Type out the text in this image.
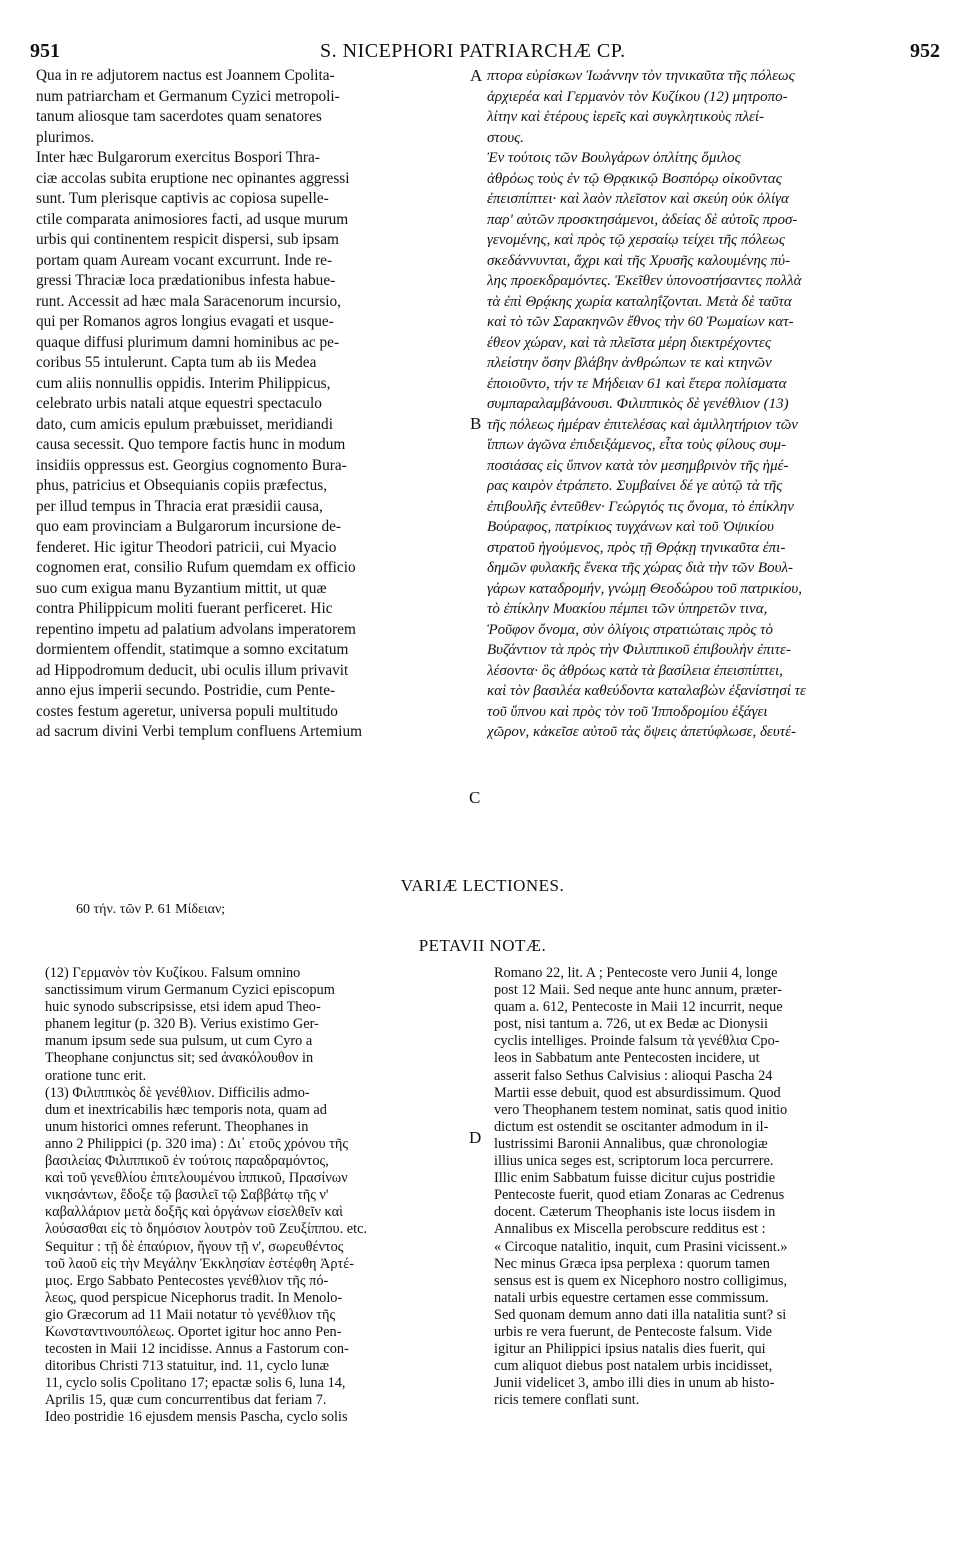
951	S. NICEPHORI PATRIARCHÆ CP.	952
Qua in re adjutorem nactus est Joannem Cpolita-
num patriarcham et Germanum Cyzici metropoli-
tanum aliosque tam sacerdotes quam senatores
plurimos.
Inter hæc Bulgarorum exercitus Bospori Thra-
ciæ accolas subita eruptione nec opinantes aggressi
sunt. Tum plerisque captivis ac copiosa supelle-
ctile comparata animosiores facti, ad usque murum
urbis qui continentem respicit dispersi, sub ipsam
portam quam Auream vocant excurrunt. Inde re-
gressi Thraciæ loca prædationibus infesta habue-
runt. Accessit ad hæc mala Saracenorum incursio,
qui per Romanos agros longius evagati et usque-
quaque diffusi plurimum damni hominibus ac pe-
coribus 55 intulerunt. Capta tum ab iis Medea
cum aliis nonnullis oppidis. Interim Philippicus,
celebrato urbis natali atque equestri spectaculo
dato, cum amicis epulum præbuisset, meridiandi
causa secessit. Quo tempore factis hunc in modum
insidiis oppressus est. Georgius cognomento Bura-
phus, patricius et Obsequianis copiis præfectus,
per illud tempus in Thracia erat præsidii causa,
quo eam provinciam a Bulgarorum incursione de-
fenderet. Hic igitur Theodori patricii, cui Myacio
cognomen erat, consilio Rufum quemdam ex officio
suo cum exigua manu Byzantium mittit, ut quæ
contra Philippicum moliti fuerant perficeret. Hic
repentino impetu ad palatium advolans imperatorem
dormientem offendit, statimque a somno excitatum
ad Hippodromum deducit, ubi oculis illum privavit
anno ejus imperii secundo. Postridie, cum Pente-
costes festum ageretur, universa populi multitudo
ad sacrum divini Verbi templum confluens Artemium
πτορα εὑρίσκων Ἰωάννην τὸν τηνικαῦτα τῆς πόλεως
ἀρχιερέα καὶ Γερμανὸν τὸν Κυζίκου (12) μητροπο-
λίτην καὶ ἑτέρους ἱερεῖς καὶ συγκλητικοὺς πλεί-
στους.
Ἐν τούτοις τῶν Βουλγάρων ὁπλίτης ὅμιλος
ἀθρόως τοὺς ἐν τῷ Θρᾳκικῷ Βοσπόρῳ οἰκοῦντας
ἐπεισπίπτει· καὶ λαὸν πλεῖστον καὶ σκεύη οὐκ ὀλίγα
παρ' αὐτῶν προσκτησάμενοι, ἀδείας δὲ αὐτοῖς προσ-
γενομένης, καὶ πρὸς τῷ χερσαίῳ τείχει τῆς πόλεως
σκεδάννυνται, ἄχρι καὶ τῆς Χρυσῆς καλουμένης πύ-
λης προεκδραμόντες. Ἐκεῖθεν ὑπονοστήσαντες πολλὰ
τὰ ἐπὶ Θρᾴκης χωρία καταληΐζονται. Μετὰ δὲ ταῦτα
καὶ τὸ τῶν Σαρακηνῶν ἔθνος τὴν 60 Ῥωμαίων κατ-
έθεον χώραν, καὶ τὰ πλεῖστα μέρη διεκτρέχοντες
πλείστην ὅσην βλάβην ἀνθρώπων τε καὶ κτηνῶν
ἐποιοῦντο, τήν τε Μήδειαν 61 καὶ ἕτερα πολίσματα
συμπαραλαμβάνουσι. Φιλιππικὸς δὲ γενέθλιον (13)
τῆς πόλεως ἡμέραν ἐπιτελέσας καὶ ἁμιλλητήριον τῶν
ἵππων ἀγῶνα ἐπιδειξάμενος, εἶτα τοὺς φίλους συμ-
ποσιάσας εἰς ὕπνον κατὰ τὸν μεσημβρινὸν τῆς ἡμέ-
ρας καιρὸν ἐτράπετο. Συμβαίνει δέ γε αὐτῷ τὰ τῆς
ἐπιβουλῆς ἐντεῦθεν· Γεώργιός τις ὄνομα, τὸ ἐπίκλην
Βούραφος, πατρίκιος τυγχάνων καὶ τοῦ Ὀψικίου
στρατοῦ ἡγούμενος, πρὸς τῇ Θρᾴκῃ τηνικαῦτα ἐπι-
δημῶν φυλακῆς ἕνεκα τῆς χώρας διὰ τὴν τῶν Βουλ-
γάρων καταδρομήν, γνώμῃ Θεοδώρου τοῦ πατρικίου,
τὸ ἐπίκλην Μυακίου πέμπει τῶν ὑπηρετῶν τινα,
Ῥοῦφον ὄνομα, σὺν ὀλίγοις στρατιώταις πρὸς τὸ
Βυζάντιον τὰ πρὸς τὴν Φιλιππικοῦ ἐπιβουλὴν ἐπιτε-
λέσοντα· ὃς ἀθρόως κατὰ τὰ βασίλεια ἐπεισπίπτει,
καὶ τὸν βασιλέα καθεύδοντα καταλαβὼν ἐξανίστησί τε
τοῦ ὕπνου καὶ πρὸς τὸν τοῦ Ἱπποδρομίου ἐξάγει
χῶρον, κἀκεῖσε αὐτοῦ τὰς ὄψεις ἀπετύφλωσε, δευτέ-
A
B
C
D
VARIÆ LECTIONES.
60 τήν. τῶν P. 61 Μίδειαν;
PETAVII NOTÆ.
(12) Γερμανὸν τὸν Κυζίκου. Falsum omnino
sanctissimum virum Germanum Cyzici episcopum
huic synodo subscripsisse, etsi idem apud Theo-
phanem legitur (p. 320 B). Verius existimo Ger-
manum ipsum sede sua pulsum, ut cum Cyro a
Theophane conjunctus sit; sed ἀνακόλουθον in
oratione tunc erit.
(13) Φιλιππικὸς δὲ γενέθλιον. Difficilis admo-
dum et inextricabilis hæc temporis nota, quam ad
unum historici omnes referunt. Theophanes in
anno 2 Philippici (p. 320 ima) : Δι᾽ ετοῦς χρόνου τῆς
βασιλείας Φιλιππικοῦ ἐν τούτοις παραδραμόντος,
καὶ τοῦ γενεθλίου ἐπιτελουμένου ἱππικοῦ, Πρασίνων
νικησάντων, ἔδοξε τῷ βασιλεῖ τῷ Σαββάτῳ τῆς ν'
καβαλλάριον μετὰ δοξῆς καὶ ὀργάνων εἰσελθεῖν καὶ
λούσασθαι εἰς τὸ δημόσιον λουτρὸν τοῦ Ζευξίππου. etc.
Sequitur : τῇ δὲ ἐπαύριον, ἤγουν τῇ ν', σωρευθέντος
τοῦ λαοῦ εἰς τὴν Μεγάλην Ἐκκλησίαν ἑστέφθη Ἀρτέ-
μιος. Ergo Sabbato Pentecostes γενέθλιον τῆς πό-
λεως, quod perspicue Nicephorus tradit. In Menolo-
gio Græcorum ad 11 Maii notatur τὸ γενέθλιον τῆς
Κωνσταντινουπόλεως. Oportet igitur hoc anno Pen-
tecosten in Maii 12 incidisse. Annus a Fastorum con-
ditoribus Christi 713 statuitur, ind. 11, cyclo lunæ
11, cyclo solis Cpolitano 17; epactæ solis 6, luna 14,
Aprilis 15, quæ cum concurrentibus dat feriam 7.
Ideo postridie 16 ejusdem mensis Pascha, cyclo solis
Romano 22, lit. A ; Pentecoste vero Junii 4, longe
post 12 Maii. Sed neque ante hunc annum, præter-
quam a. 612, Pentecoste in Maii 12 incurrit, neque
post, nisi tantum a. 726, ut ex Bedæ ac Dionysii
cyclis intelliges. Proinde falsum τὰ γενέθλια Cpo-
leos in Sabbatum ante Pentecosten incidere, ut
asserit falso Sethus Calvisius : alioqui Pascha 24
Martii esse debuit, quod est absurdissimum. Quod
vero Theophanem testem nominat, satis quod initio
dictum est ostendit se oscitanter admodum in il-
lustrissimi Baronii Annalibus, quæ chronologiæ
illius unica seges est, scriptorum loca percurrere.
Illic enim Sabbatum fuisse dicitur cujus postridie
Pentecoste fuerit, quod etiam Zonaras ac Cedrenus
docent. Cæterum Theophanis iste locus iisdem in
Annalibus ex Miscella perobscure redditus est :
« Circoque natalitio, inquit, cum Prasini vicissent.»
Nec minus Græca ipsa perplexa : quorum tamen
sensus est is quem ex Nicephoro nostro colligimus,
natali urbis equestre certamen esse commissum.
Sed quonam demum anno dati illa natalitia sunt? si
urbis re vera fuerunt, de Pentecoste falsum. Vide
igitur an Philippici ipsius natalis dies fuerit, qui
cum aliquot diebus post natalem urbis incidisset,
Junii videlicet 3, ambo illi dies in unum ab histo-
ricis temere conflati sunt.
